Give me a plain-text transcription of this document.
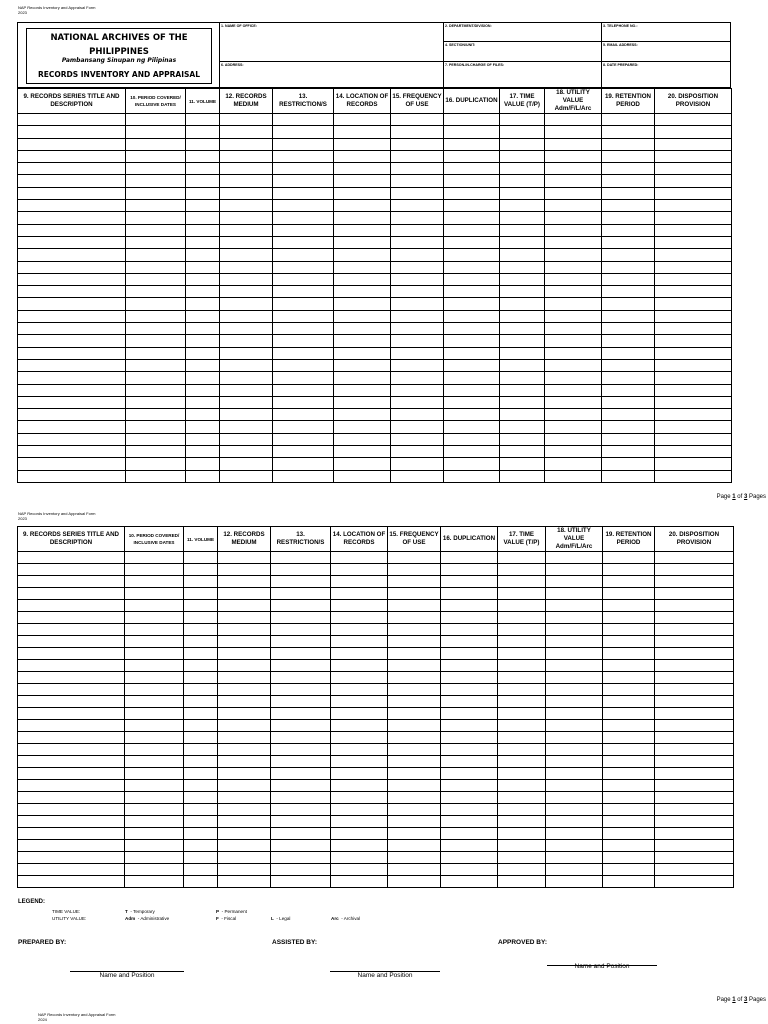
NAP Records Inventory and Appraisal Form
2023
NATIONAL ARCHIVES OF THE
PHILIPPINES
Pambansang Sinupan ng Pilipinas
RECORDS INVENTORY AND APPRAISAL
1. NAME OF OFFICE:
6. ADDRESS:
2. DEPARTMENT/DIVISION:
4. SECTION/UNIT:
7. PERSON-IN-CHARGE OF FILES:
3. TELEPHONE NO.:
5. EMAIL ADDRESS:
8. DATE PREPARED:
9. RECORDS SERIES TITLE AND DESCRIPTION	10. PERIOD COVERED/ INCLUSIVE DATES	11. VOLUME	12. RECORDS MEDIUM	13. RESTRICTION/S	14. LOCATION OF RECORDS	15. FREQUENCY OF USE	16. DUPLICATION	17. TIME VALUE (T/P)	18. UTILITY VALUE Adm/F/L/Arc	19. RETENTION PERIOD	20. DISPOSITION PROVISION

Page 1 of 3 Pages
NAP Records Inventory and Appraisal Form
2023
9. RECORDS SERIES TITLE AND DESCRIPTION	10. PERIOD COVERED/ INCLUSIVE DATES	11. VOLUME	12. RECORDS MEDIUM	13. RESTRICTION/S	14. LOCATION OF RECORDS	15. FREQUENCY OF USE	16. DUPLICATION	17. TIME VALUE (T/P)	18. UTILITY VALUE Adm/F/L/Arc	19. RETENTION PERIOD	20. DISPOSITION PROVISION

LEGEND:
TIME VALUE:
UTILITY VALUE:
T - Temporary	P - Permanent
Adm - Administrative	F - Fiscal	L - Legal	Arc - Archival
PREPARED BY:	ASSISTED BY:	APPROVED BY:
Name and Position	Name and Position
Name and Position
Page 1 of 3 Pages
NAP Records Inventory and Appraisal Form
2024
